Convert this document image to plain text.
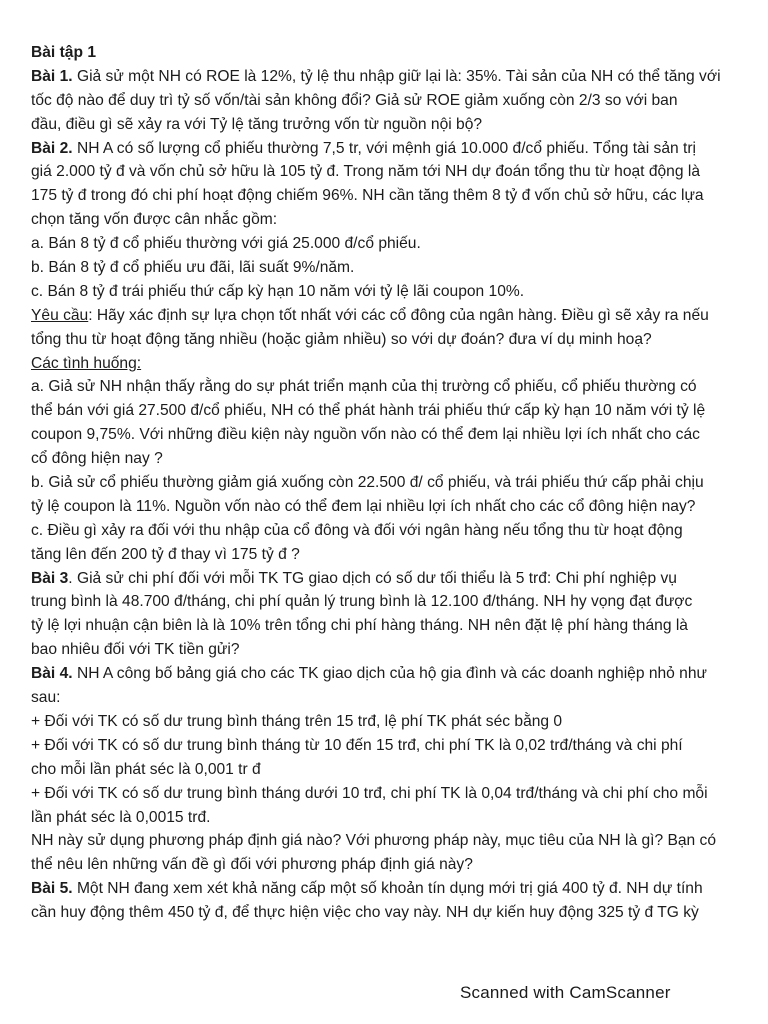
Bài tập 1
Bài 1. Giả sử một NH có ROE là 12%, tỷ lệ thu nhập giữ lại là: 35%. Tài sản của NH có thể tăng với
tốc độ nào để duy trì tỷ số vốn/tài sản không đổi? Giả sử ROE giảm xuống còn 2/3 so với ban
đầu, điều gì sẽ xảy ra với Tỷ lệ tăng trưởng vốn từ nguồn nội bộ?
Bài 2. NH A có số lượng cổ phiếu thường 7,5 tr, với mệnh giá 10.000 đ/cổ phiếu. Tổng tài sản trị
giá 2.000 tỷ đ và vốn chủ sở hữu là 105 tỷ đ. Trong năm tới NH dự đoán tổng thu từ hoạt động là
175 tỷ đ trong đó chi phí hoạt động chiếm 96%. NH cần tăng thêm 8 tỷ đ vốn chủ sở hữu, các lựa
chọn tăng vốn được cân nhắc gồm:
a. Bán 8 tỷ đ cổ phiếu thường với giá 25.000 đ/cổ phiếu.
b. Bán 8 tỷ đ cổ phiếu ưu đãi, lãi suất 9%/năm.
c. Bán 8 tỷ đ trái phiếu thứ cấp kỳ hạn 10 năm với tỷ lệ lãi coupon 10%.
Yêu cầu: Hãy xác định sự lựa chọn tốt nhất với các cổ đông của ngân hàng. Điều gì sẽ xảy ra nếu
tổng thu từ hoạt động tăng nhiều (hoặc giảm nhiều) so với dự đoán? đưa ví dụ minh hoạ?
Các tình huống:
a. Giả sử NH nhận thấy rằng do sự phát triển mạnh của thị trường cổ phiếu, cổ phiếu thường có
thể bán với giá 27.500 đ/cổ phiếu, NH có thể phát hành trái phiếu thứ cấp kỳ hạn 10 năm với tỷ lệ
coupon 9,75%. Với những điều kiện này nguồn vốn nào có thể đem lại nhiều lợi ích nhất cho các
cổ đông hiện nay ?
b. Giả sử cổ phiếu thường giảm giá xuống còn 22.500 đ/ cổ phiếu, và trái phiếu thứ cấp phải chịu
tỷ lệ coupon là 11%. Nguồn vốn nào có thể đem lại nhiều lợi ích nhất cho các cổ đông hiện nay?
c. Điều gì xảy ra đối với thu nhập của cổ đông và đối với ngân hàng nếu tổng thu từ hoạt động
tăng lên đến 200 tỷ đ thay vì 175 tỷ đ ?
Bài 3. Giả sử chi phí đối với mỗi TK TG giao dịch có số dư tối thiểu là 5 trđ: Chi phí nghiệp vụ
trung bình là 48.700 đ/tháng, chi phí quản lý trung bình là 12.100 đ/tháng. NH hy vọng đạt được
tỷ lệ lợi nhuận cận biên là là 10% trên tổng chi phí hàng tháng. NH nên đặt lệ phí hàng tháng là
bao nhiêu đối với TK tiền gửi?
Bài 4. NH A công bố bảng giá cho các TK giao dịch của hộ gia đình và các doanh nghiệp nhỏ như
sau:
+ Đối với TK có số dư trung bình tháng trên 15 trđ, lệ phí TK phát séc bằng 0
+ Đối với TK có số dư trung bình tháng từ 10 đến 15 trđ, chi phí TK là 0,02 trđ/tháng và chi phí
cho mỗi lần phát séc là 0,001 tr đ
+ Đối với TK có số dư trung bình tháng dưới 10 trđ, chi phí TK là 0,04 trđ/tháng và chi phí cho mỗi
lần phát séc là 0,0015 trđ.
NH này sử dụng phương pháp định giá nào? Với phương pháp này, mục tiêu của NH là gì? Bạn có
thể nêu lên những vấn đề gì đối với phương pháp định giá này?
Bài 5. Một NH đang xem xét khả năng cấp một số khoản tín dụng mới trị giá 400 tỷ đ. NH dự tính
cần huy động thêm 450 tỷ đ, để thực hiện việc cho vay này. NH dự kiến huy động 325 tỷ đ TG kỳ
Scanned with CamScanner
